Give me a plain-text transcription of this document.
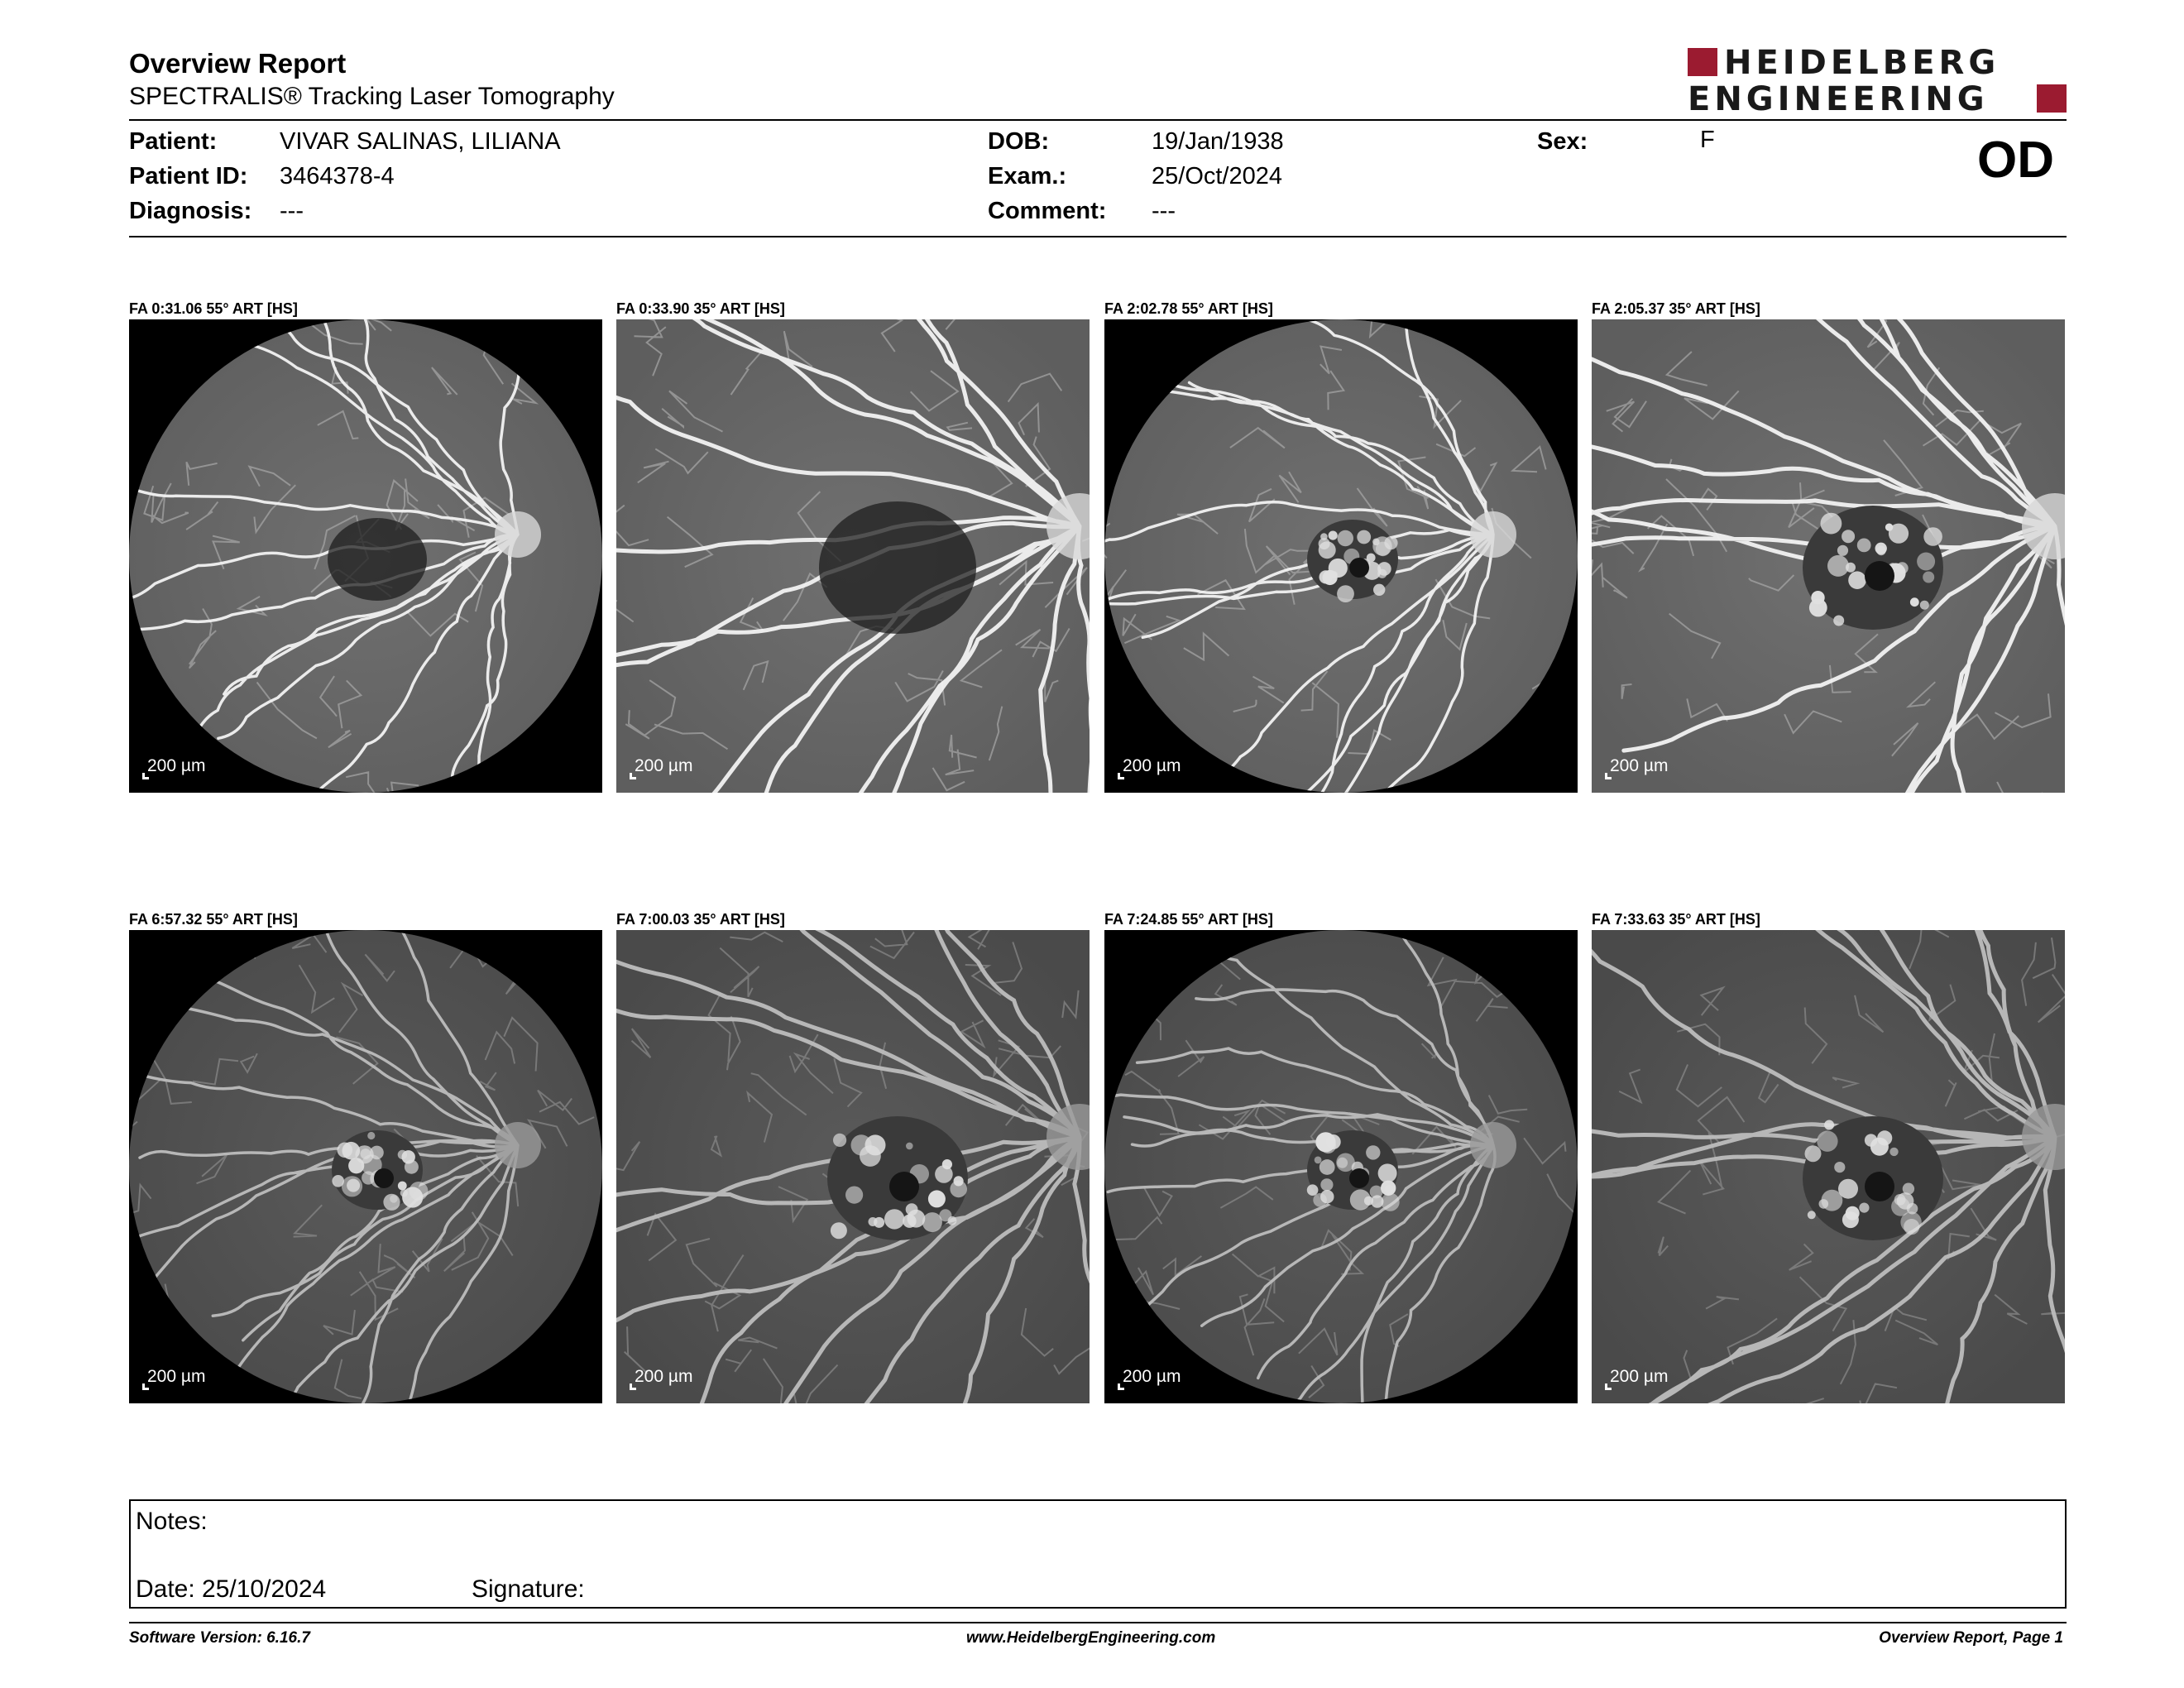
Overview Report
SPECTRALIS® Tracking Laser Tomography
HEIDELBERG
ENGINEERING
Patient:	VIVAR SALINAS, LILIANA
Patient ID: 3464378-4
Diagnosis: ---
DOB:	19/Jan/1938
Exam.:	25/Oct/2024
Comment: ---
Sex:	F	OD
FA 0:31.06 55° ART [HS]
200 µm
FA 0:33.90 35° ART [HS]
200 µm
FA 2:02.78 55° ART [HS]
200 µm
FA 2:05.37 35° ART [HS]
200 µm
FA 6:57.32 55° ART [HS]
200 µm
FA 7:00.03 35° ART [HS]
200 µm
FA 7:24.85 55° ART [HS]
200 µm
FA 7:33.63 35° ART [HS]
200 µm
Notes:
Date: 25/10/2024	Signature:
Software Version: 6.16.7	www.HeidelbergEngineering.com	Overview Report, Page 1
